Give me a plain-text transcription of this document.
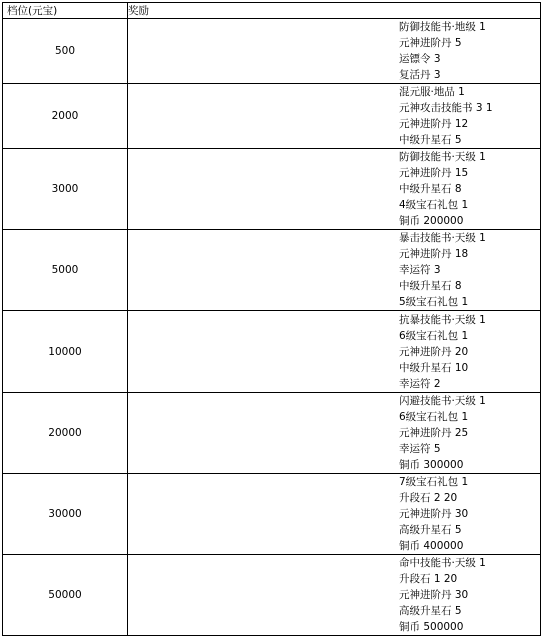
档位(元宝)	奖励
500	防御技能书·地级 1
元神进阶丹 5
运镖令 3
复活丹 3

2000	混元服·地品 1
元神攻击技能书 3 1
元神进阶丹 12
中级升星石 5

3000	防御技能书·天级 1
元神进阶丹 15
中级升星石 8
4级宝石礼包 1
铜币 200000

5000	暴击技能书·天级 1
元神进阶丹 18
幸运符 3
中级升星石 8
5级宝石礼包 1

10000	抗暴技能书·天级 1
6级宝石礼包 1
元神进阶丹 20
中级升星石 10
幸运符 2

20000	闪避技能书·天级 1
6级宝石礼包 1
元神进阶丹 25
幸运符 5
铜币 300000

30000	7级宝石礼包 1
升段石 2 20
元神进阶丹 30
高级升星石 5
铜币 400000

50000	命中技能书·天级 1
升段石 1 20
元神进阶丹 30
高级升星石 5
铜币 500000
